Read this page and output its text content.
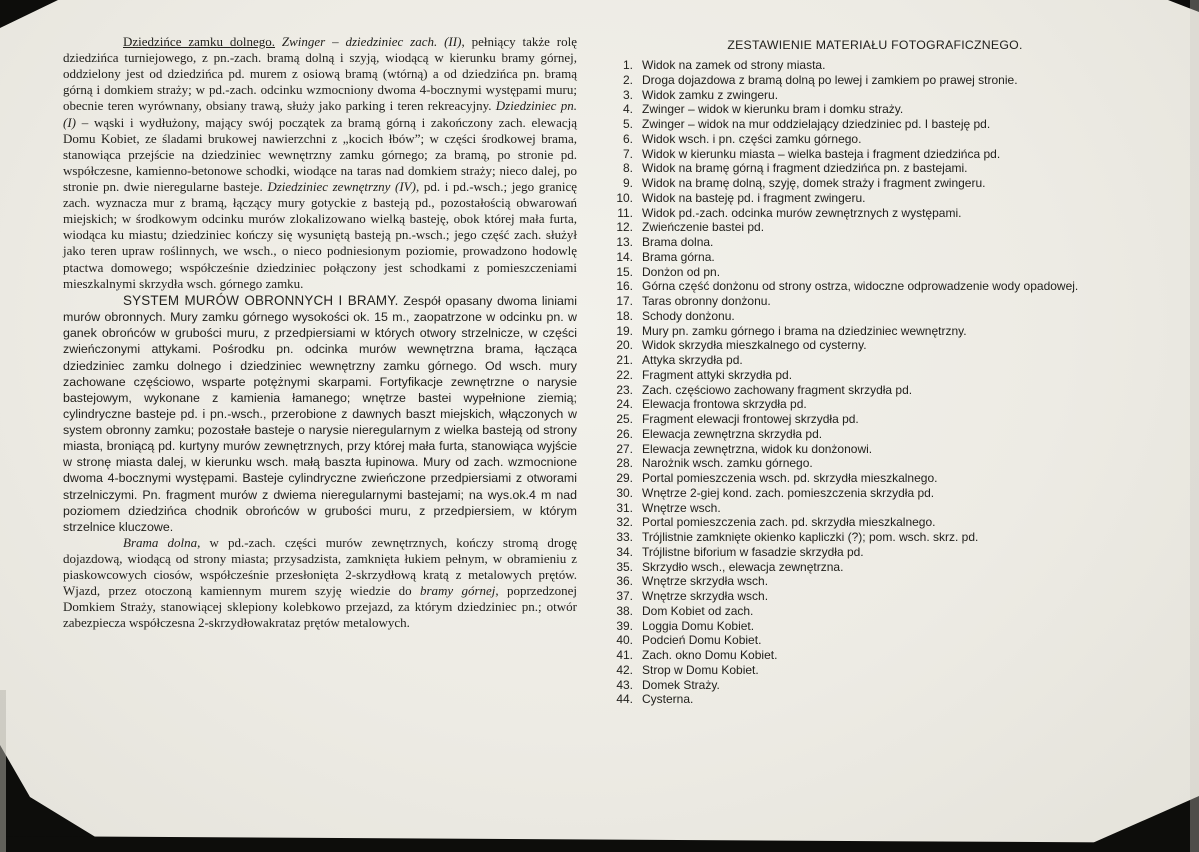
Dziedzińce zamku dolnego. Zwinger – dziedziniec zach. (II), pełniący także rolę dziedzińca turniejowego, z pn.-zach. bramą dolną i szyją, wiodącą w kierunku bramy górnej, oddzielony jest od dziedzińca pd. murem z osiową bramą (wtórną) a od dziedzińca pn. bramą górną i domkiem straży; w pd.-zach. odcinku wzmocniony dwoma 4-bocznymi występami muru; obecnie teren wyrównany, obsiany trawą, służy jako parking i teren rekreacyjny. Dziedziniec pn. (I) – wąski i wydłużony, mający swój początek za bramą górną i zakończony zach. elewacją Domu Kobiet, ze śladami brukowej nawierzchni z „kocich łbów”; w części środkowej brama, stanowiąca przejście na dziedziniec wewnętrzny zamku górnego; za bramą, po stronie pd. współczesne, kamienno-betonowe schodki, wiodące na taras nad domkiem straży; nieco dalej, po stronie pn. dwie nieregularne basteje. Dziedziniec zewnętrzny (IV), pd. i pd.-wsch.; jego granicę zach. wyznacza mur z bramą, łączący mury gotyckie z basteją pd., pozostałością obwarowań miejskich; w środkowym odcinku murów zlokalizowano wielką basteję, obok której mała furta, wiodąca ku miastu; dziedziniec kończy się wysuniętą basteją pn.-wsch.; jego część zach. służył jako teren upraw roślinnych, we wsch., o nieco podniesionym poziomie, prowadzono hodowlę ptactwa domowego; współcześnie dziedziniec połączony jest schodkami z pomieszczeniami mieszkalnymi skrzydła wsch. górnego zamku.

SYSTEM MURÓW OBRONNYCH I BRAMY. Zespół opasany dwoma liniami murów obronnych. Mury zamku górnego wysokości ok. 15 m., zaopatrzone w odcinku pn. w ganek obrońców w grubości muru, z przedpiersiami w których otwory strzelnicze, w części zwieńczonymi attykami. Pośrodku pn. odcinka murów wewnętrzna brama, łącząca dziedziniec zamku dolnego i dziedziniec wewnętrzny zamku górnego. Od wsch. mury zachowane częściowo, wsparte potężnymi skarpami. Fortyfikacje zewnętrzne o narysie bastejowym, wykonane z kamienia łamanego; wnętrze bastei wypełnione ziemią; cylindryczne basteje pd. i pn.-wsch., przerobione z dawnych baszt miejskich, włączonych w system obronny zamku; pozostałe basteje o narysie nieregularnym z wielka basteją od strony miasta, broniącą pd. kurtyny murów zewnętrznych, przy której mała furta, stanowiąca wyjście w stronę miasta dalej, w kierunku wsch. małą baszta łupinowa. Mury od zach. wzmocnione dwoma 4-bocznymi występami. Basteje cylindryczne zwieńczone przedpiersiami z otworami strzelniczymi. Pn. fragment murów z dwiema nieregularnymi bastejami; na wys.ok.4 m nad poziomem dziedzińca chodnik obrońców w grubości muru, z przedpiersiem, w którym strzelnice kluczowe.

Brama dolna, w pd.-zach. części murów zewnętrznych, kończy stromą drogę dojazdową, wiodącą od strony miasta; przysadzista, zamknięta łukiem pełnym, w obramieniu z piaskowcowych ciosów, współcześnie przesłonięta 2-skrzydłową kratą z metalowych prętów. Wjazd, przez otoczoną kamiennym murem szyję wiedzie do bramy górnej, poprzedzonej Domkiem Straży, stanowiącej sklepiony kolebkowo przejazd, za którym dziedziniec pn.; otwór zabezpiecza współczesna 2-skrzydłowakrataz prętów metalowych.

ZESTAWIENIE MATERIAŁU FOTOGRAFICZNEGO.
1. Widok na zamek od strony miasta.
2. Droga dojazdowa z bramą dolną po lewej i zamkiem po prawej stronie.
3. Widok zamku z zwingeru.
4. Zwinger – widok w kierunku bram i domku straży.
5. Zwinger – widok na mur oddzielający dziedziniec pd. I basteję pd.
6. Widok wsch. i pn. części zamku górnego.
7. Widok w kierunku miasta – wielka basteja i fragment dziedzińca pd.
8. Widok na bramę górną i fragment dziedzińca pn. z bastejami.
9. Widok na bramę dolną, szyję, domek straży i fragment zwingeru.
10. Widok na basteję pd. i fragment zwingeru.
11. Widok pd.-zach. odcinka murów zewnętrznych z występami.
12. Zwieńczenie bastei pd.
13. Brama dolna.
14. Brama górna.
15. Donżon od pn.
16. Górna część donżonu od strony ostrza, widoczne odprowadzenie wody opadowej.
17. Taras obronny donżonu.
18. Schody donżonu.
19. Mury pn. zamku górnego i brama na dziedziniec wewnętrzny.
20. Widok skrzydła mieszkalnego od cysterny.
21. Attyka skrzydła pd.
22. Fragment attyki skrzydła pd.
23. Zach. częściowo zachowany fragment skrzydła pd.
24. Elewacja frontowa skrzydła pd.
25. Fragment elewacji frontowej skrzydła pd.
26. Elewacja zewnętrzna skrzydła pd.
27. Elewacja zewnętrzna, widok ku donżonowi.
28. Narożnik wsch. zamku górnego.
29. Portal pomieszczenia wsch. pd. skrzydła mieszkalnego.
30. Wnętrze 2-giej kond. zach. pomieszczenia skrzydła pd.
31. Wnętrze wsch.
32. Portal pomieszczenia zach. pd. skrzydła mieszkalnego.
33. Trójlistnie zamknięte okienko kapliczki (?); pom. wsch. skrz. pd.
34. Trójlistne biforium w fasadzie skrzydła pd.
35. Skrzydło wsch., elewacja zewnętrzna.
36. Wnętrze skrzydła wsch.
37. Wnętrze skrzydła wsch.
38. Dom Kobiet od zach.
39. Loggia Domu Kobiet.
40. Podcień Domu Kobiet.
41. Zach. okno Domu Kobiet.
42. Strop w Domu Kobiet.
43. Domek Straży.
44. Cysterna.
